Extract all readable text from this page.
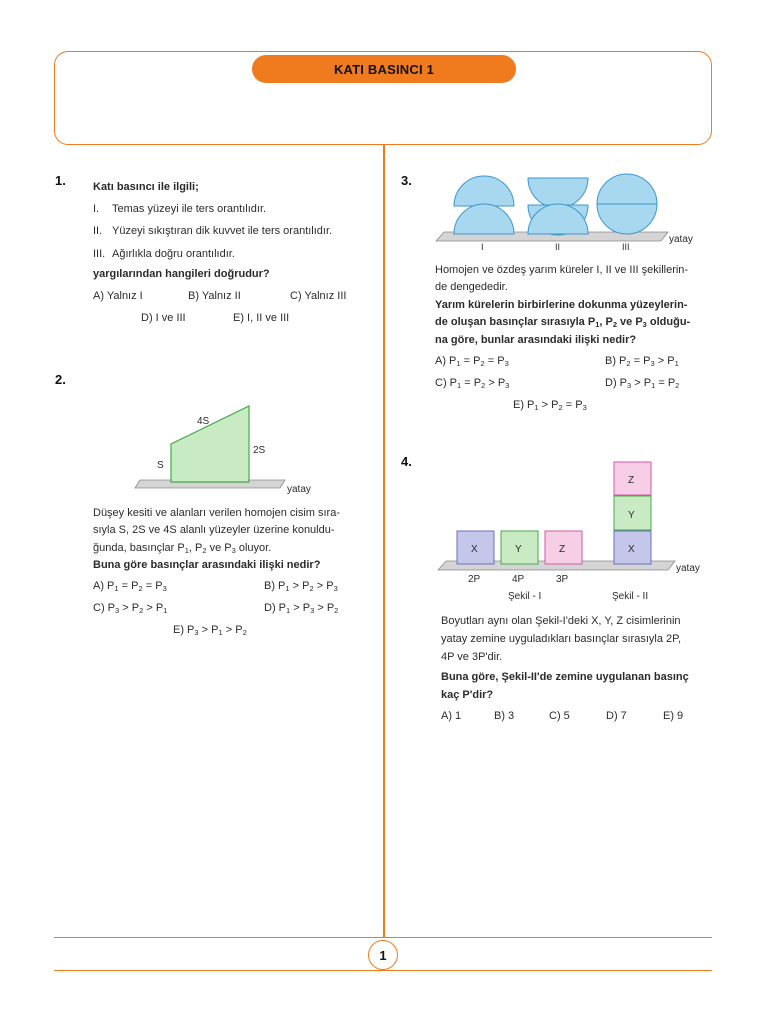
KATI BASINCI 1
1
1. Katı basıncı ile ilgili;
I. Temas yüzeyi ile ters orantılıdır.
II. Yüzeyi sıkıştıran dik kuvvet ile ters orantılıdır.
III. Ağırlıkla doğru orantılıdır.
yargılarından hangileri doğrudur?
A) Yalnız I	B) Yalnız II	C) Yalnız III
D) I ve III	E) I, II ve III
2.
4S
2S
S
yatay
Düşey kesiti ve alanları verilen homojen cisim sıra-
sıyla S, 2S ve 4S alanlı yüzeyler üzerine konuldu-
ğunda, basınçlar $P_1$, $P_2$ ve $P_3$ oluyor.
Buna göre basınçlar arasındaki ilişki nedir?
A) $P_1 = P_2 = P_3$	B) $P_1 > P_2 > P_3$
C) $P_3 > P_2 > P_1$	D) $P_1 > P_3 > P_2$
E) $P_3 > P_1 > P_2$
3.
I	II	III
yatay
Homojen ve özdeş yarım küreler I, II ve III şekillerin-
de dengededir.
Yarım kürelerin birbirlerine dokunma yüzeylerin-
de oluşan basınçlar sırasıyla $P_1$, $P_2$ ve $P_3$ olduğu-
na göre, bunlar arasındaki ilişki nedir?
A) $P_1 = P_2 = P_3$	B) $P_2 = P_3 > P_1$
C) $P_1 = P_2 > P_3$	D) $P_3 > P_1 = P_2$
E) $P_1 > P_2 = P_3$
4.
X	Y	Z
2P	4P	3P
Şekil - I
Z
Y
X
Şekil - II
yatay
Boyutları aynı olan Şekil-I'deki X, Y, Z cisimlerinin
yatay zemine uyguladıkları basınçlar sırasıyla 2P,
4P ve 3P'dir.
Buna göre, Şekil-II'de zemine uygulanan basınç
kaç P'dir?
A) 1	B) 3	C) 5	D) 7	E) 9
